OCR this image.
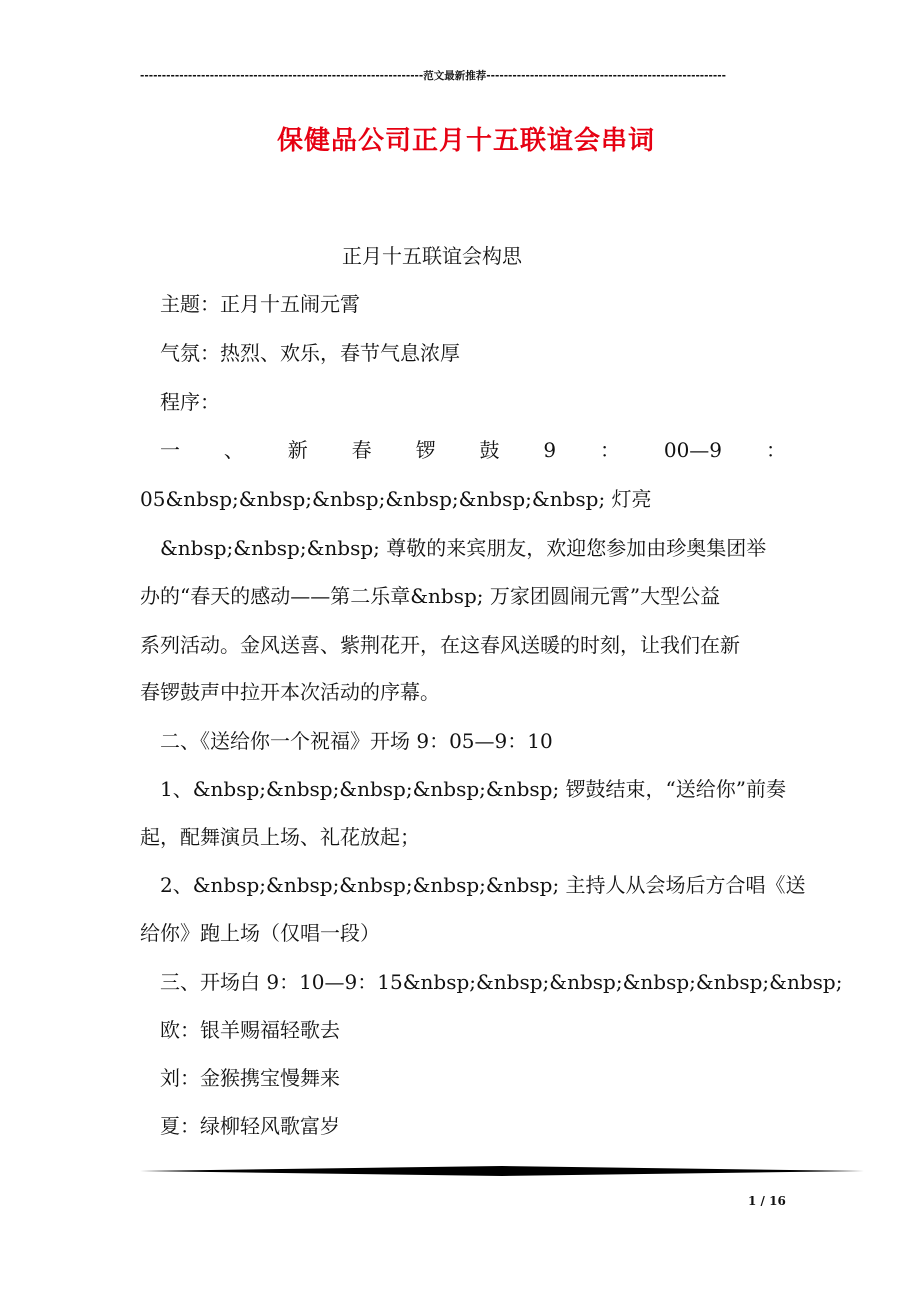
-----------------------------------------------------------------范文最新推荐-------------------------------------------------------
保健品公司正月十五联谊会串词
正月十五联谊会构思
主题：正月十五闹元霄
气氛：热烈、欢乐，春节气息浓厚
程序：
一 、 新 春 锣 鼓 9 ： 00—9 ：
05&nbsp;&nbsp;&nbsp;&nbsp;&nbsp;&nbsp; 灯亮
&nbsp;&nbsp;&nbsp; 尊敬的来宾朋友，欢迎您参加由珍奥集团举
办的“春天的感动——第二乐章&nbsp; 万家团圆闹元霄”大型公益
系列活动。金风送喜、紫荆花开，在这春风送暖的时刻，让我们在新
春锣鼓声中拉开本次活动的序幕。
二、《送给你一个祝福》开场 9：05—9：10
1、&nbsp;&nbsp;&nbsp;&nbsp;&nbsp; 锣鼓结束，“送给你”前奏
起，配舞演员上场、礼花放起；
2、&nbsp;&nbsp;&nbsp;&nbsp;&nbsp; 主持人从会场后方合唱《送
给你》跑上场（仅唱一段）
三、开场白 9：10—9：15&nbsp;&nbsp;&nbsp;&nbsp;&nbsp;&nbsp;
欧：银羊赐福轻歌去
刘：金猴携宝慢舞来
夏：绿柳轻风歌富岁
1 / 16
